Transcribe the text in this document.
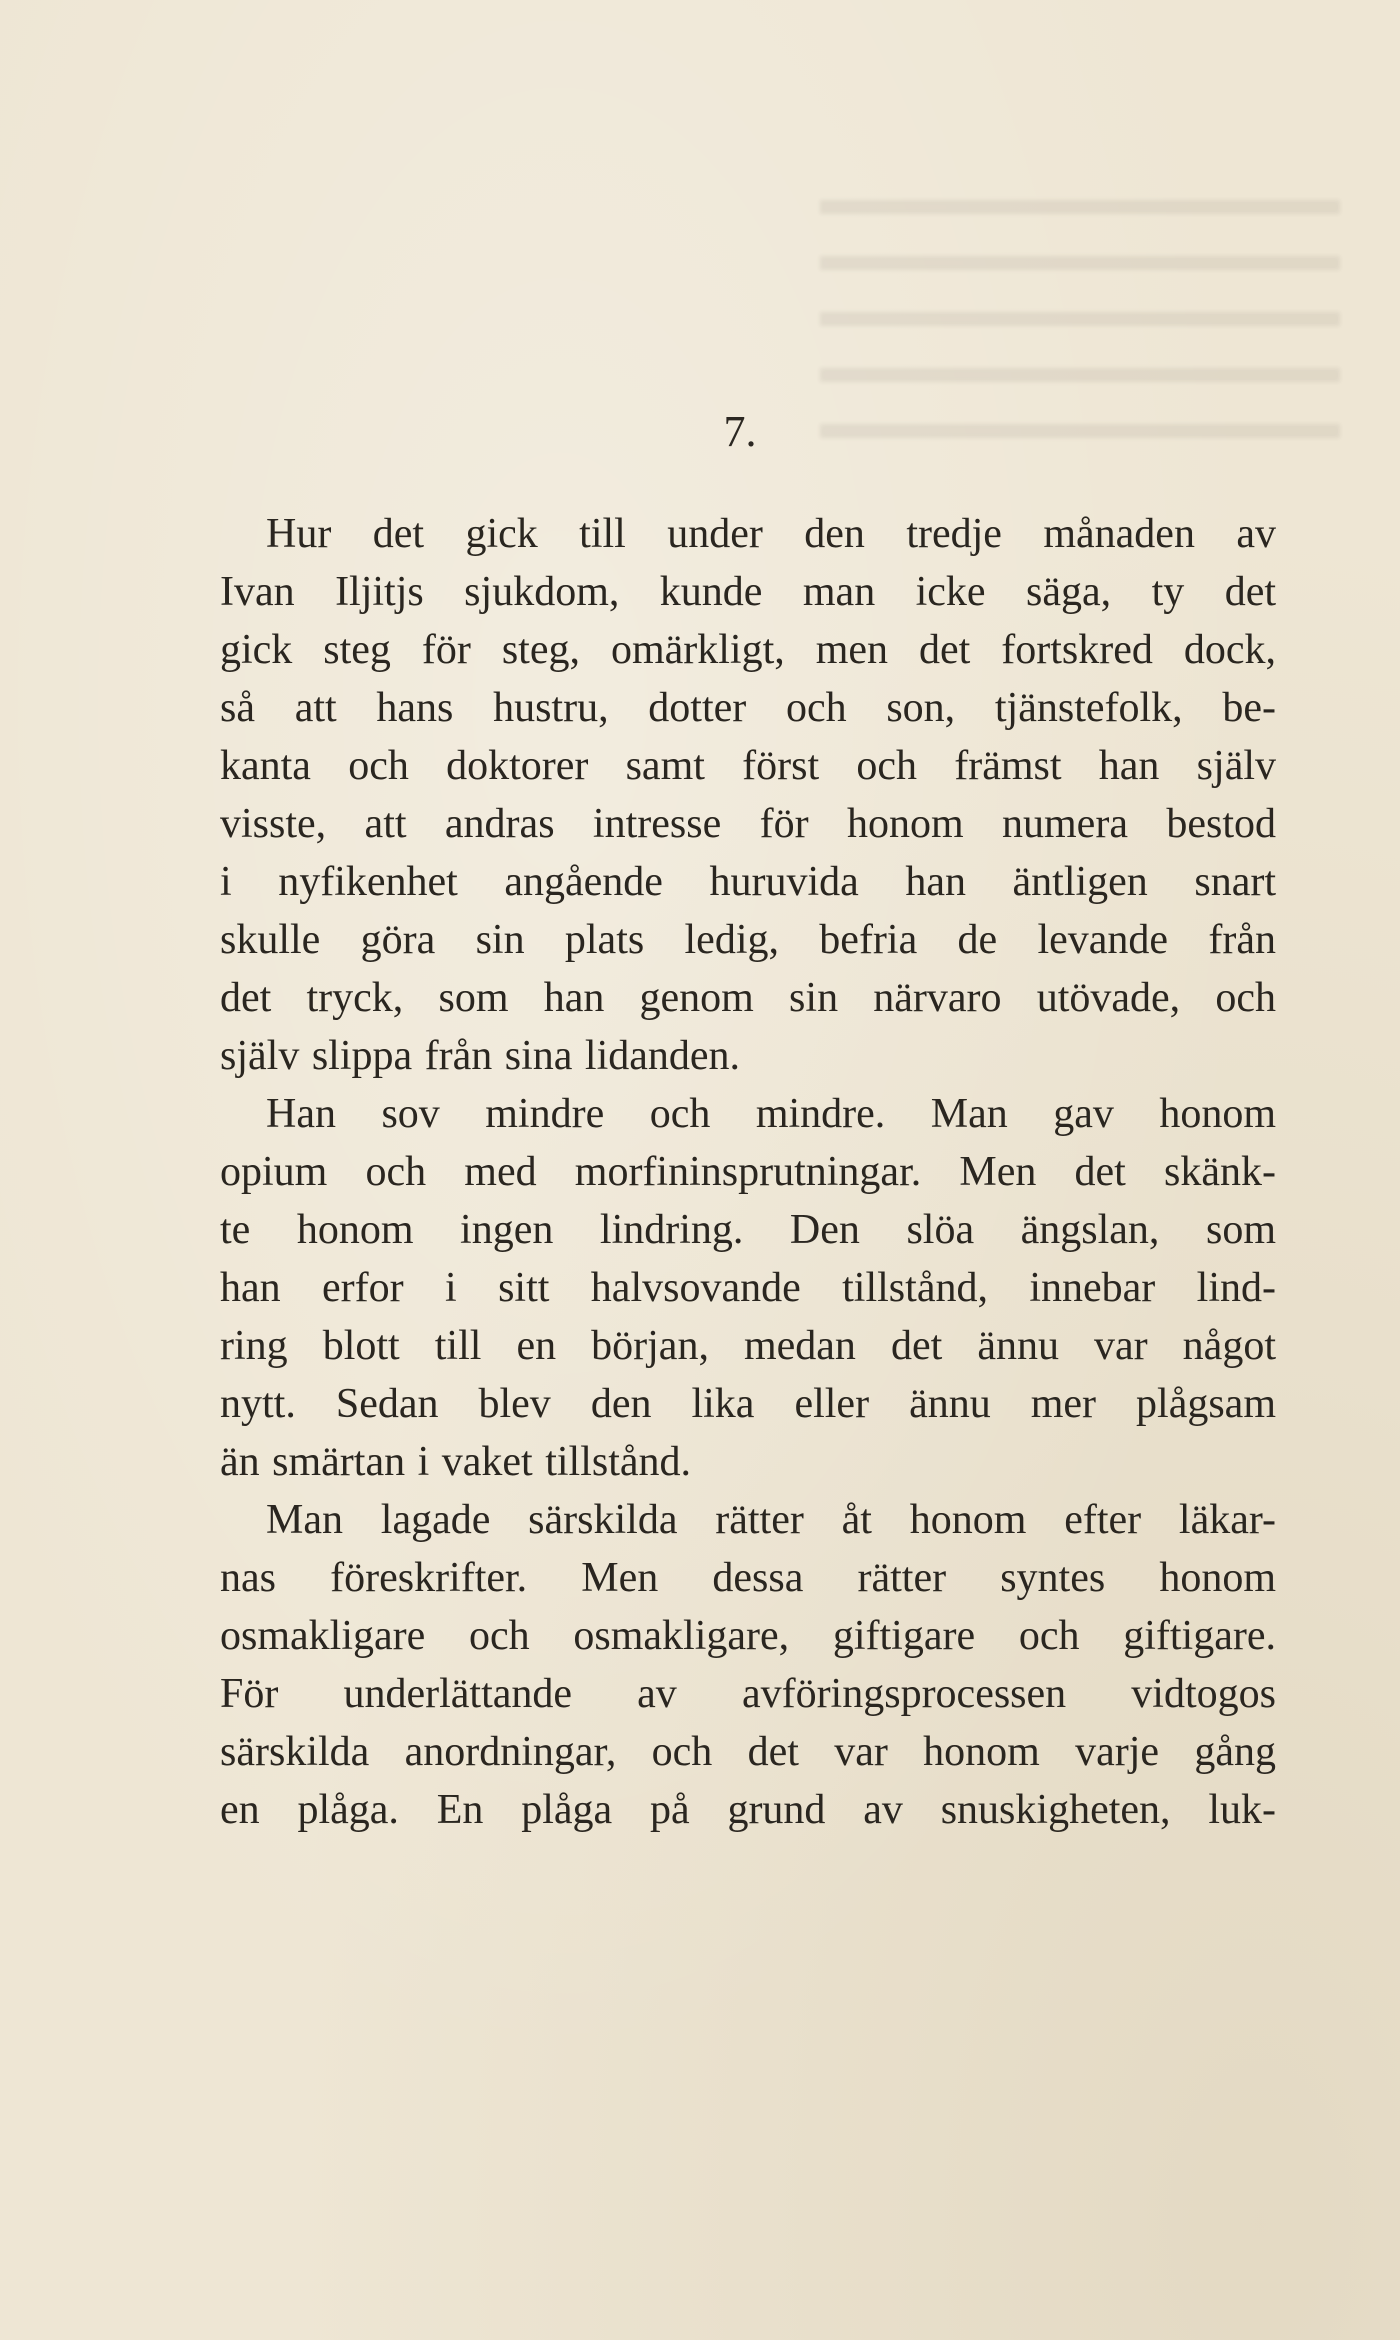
7.
Hur det gick till under den tredje månaden av
Ivan Iljitjs sjukdom, kunde man icke säga, ty det
gick steg för steg, omärkligt, men det fortskred dock,
så att hans hustru, dotter och son, tjänstefolk, be-
kanta och doktorer samt först och främst han själv
visste, att andras intresse för honom numera bestod
i nyfikenhet angående huruvida han äntligen snart
skulle göra sin plats ledig, befria de levande från
det tryck, som han genom sin närvaro utövade, och
själv slippa från sina lidanden.
Han sov mindre och mindre. Man gav honom
opium och med morfininsprutningar. Men det skänk-
te honom ingen lindring. Den slöa ängslan, som
han erfor i sitt halvsovande tillstånd, innebar lind-
ring blott till en början, medan det ännu var något
nytt. Sedan blev den lika eller ännu mer plågsam
än smärtan i vaket tillstånd.
Man lagade särskilda rätter åt honom efter läkar-
nas föreskrifter. Men dessa rätter syntes honom
osmakligare och osmakligare, giftigare och giftigare.
För underlättande av avföringsprocessen vidtogos
särskilda anordningar, och det var honom varje gång
en plåga. En plåga på grund av snuskigheten, luk-
